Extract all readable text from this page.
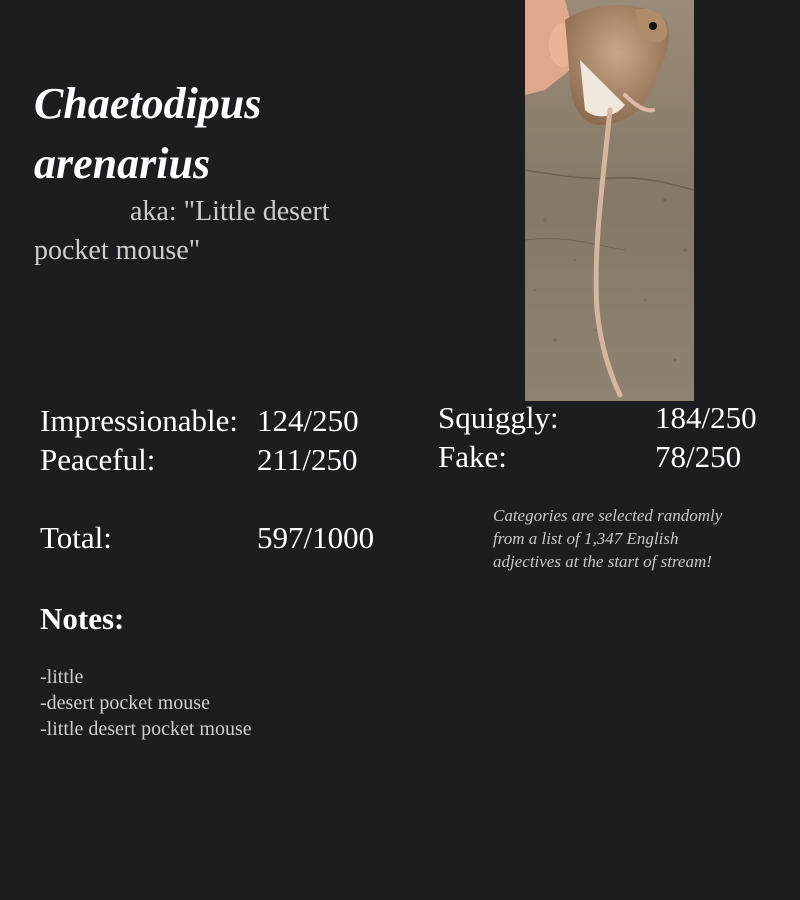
Chaetodipus
arenarius

aka: "Little desert pocket mouse"

Impressionable: 124/250
Peaceful:	211/250
Total:	597/1000
Squiggly:	184/250
Fake:	78/250

Categories are selected randomly from a list of 1,347 English adjectives at the start of stream!

Notes:
-little
-desert pocket mouse
-little desert pocket mouse
